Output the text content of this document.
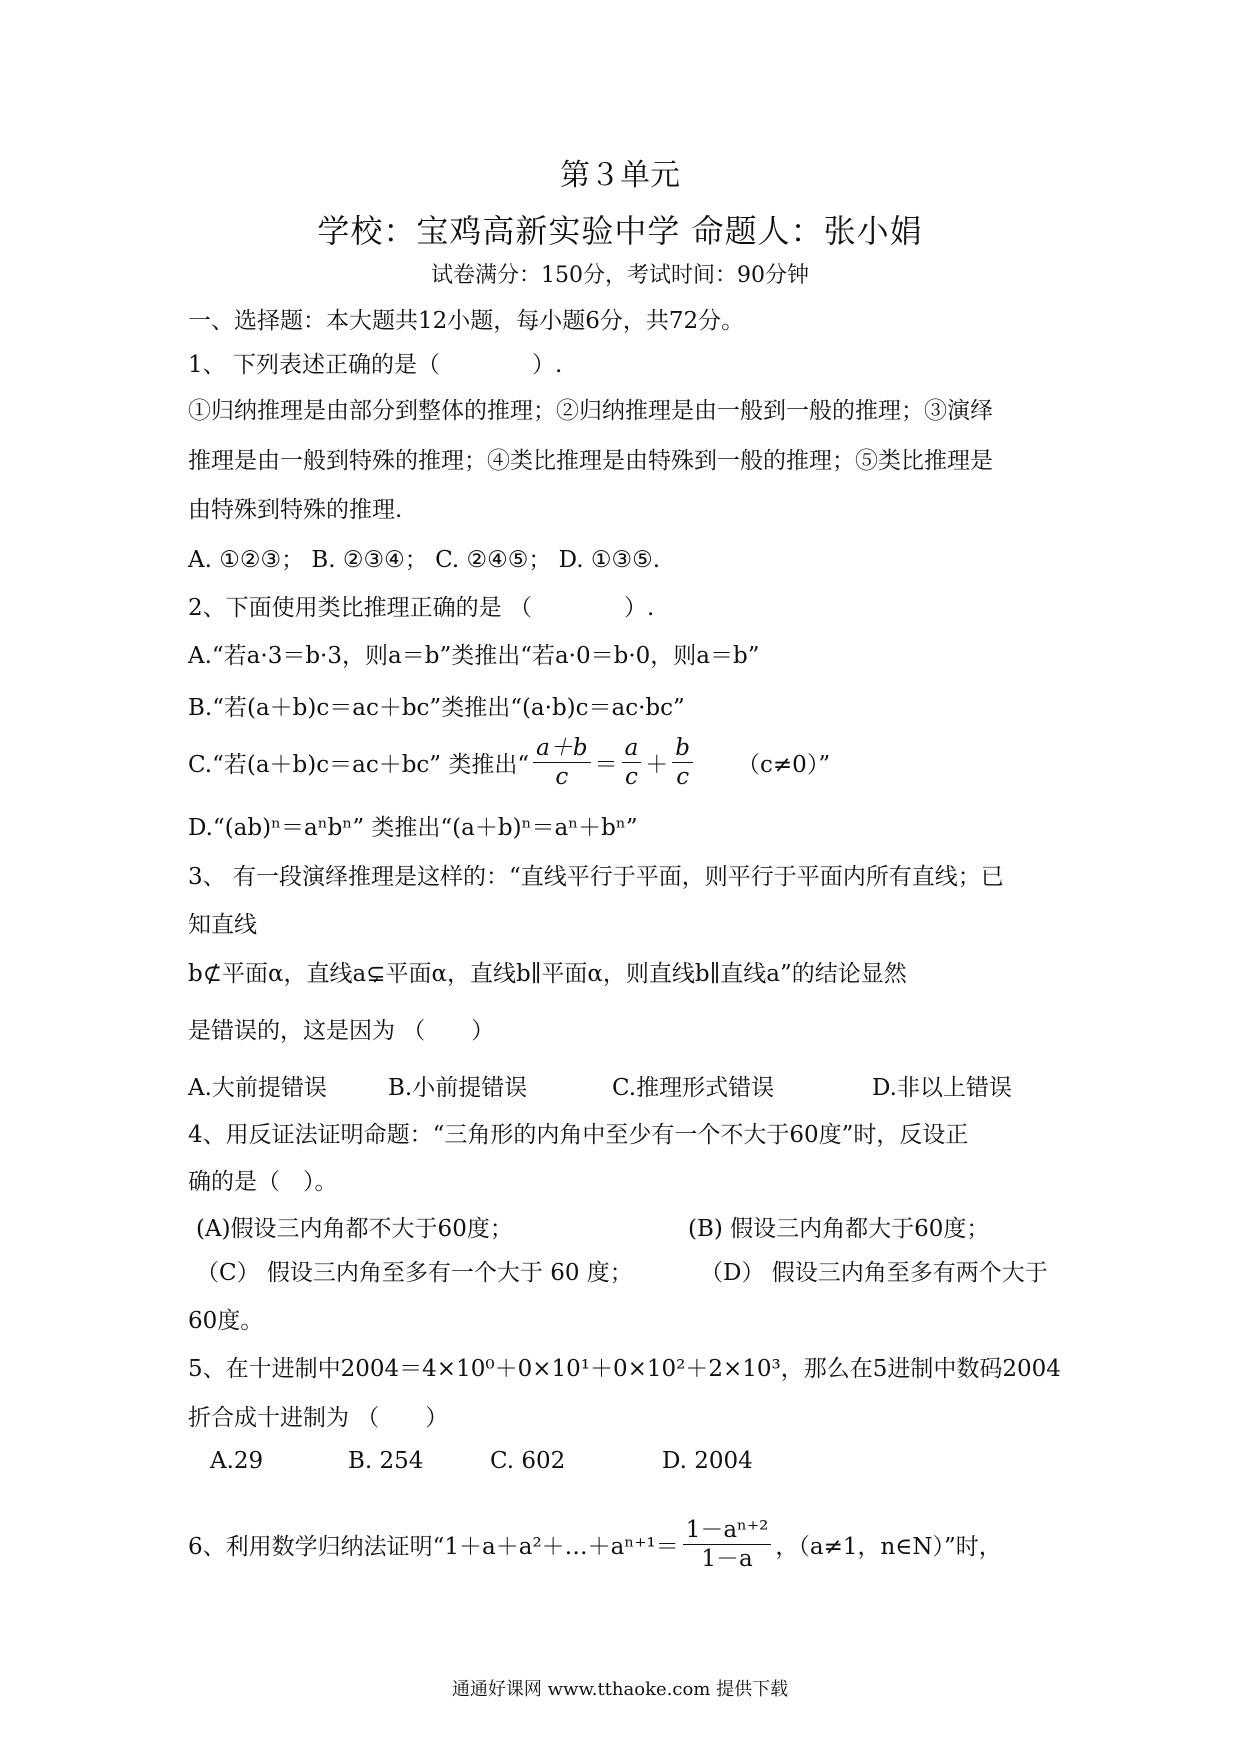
第３单元
学校：宝鸡高新实验中学 命题人：张小娟
试卷满分：150分，考试时间：90分钟
一、选择题：本大题共12小题，每小题6分，共72分。
1、 下列表述正确的是（　　　　）.
①归纳推理是由部分到整体的推理；②归纳推理是由一般到一般的推理；③演绎
推理是由一般到特殊的推理；④类比推理是由特殊到一般的推理；⑤类比推理是
由特殊到特殊的推理.
A. ①②③； B. ②③④； C. ②④⑤； D. ①③⑤.
2、下面使用类比推理正确的是 （　　　　）.
A.“若a·3＝b·3，则a＝b”类推出“若a·0＝b·0，则a＝b”
B.“若(a＋b)c＝ac＋bc”类推出“(a·b)c＝ac·bc”
C.“若(a＋b)c＝ac＋bc” 类推出“ $\frac{a+b}{c} = \frac{a}{c} + \frac{b}{c} (c\ne 0)$”
D.“(ab)ⁿ＝aⁿbⁿ” 类推出“(a＋b)ⁿ＝aⁿ＋bⁿ”
3、 有一段演绎推理是这样的：“直线平行于平面，则平行于平面内所有直线；已
知直线
b⊄平面α，直线a⊊平面α，直线b∥平面α，则直线b∥直线a”的结论显然
是错误的，这是因为 （　　）
A.大前提错误	B.小前提错误	C.推理形式错误	D.非以上错误
4、用反证法证明命题：“三角形的内角中至少有一个不大于60度”时，反设正
确的是（　）。
(A)假设三内角都不大于60度；	(B) 假设三内角都大于60度；
（C） 假设三内角至多有一个大于 60 度；	（D） 假设三内角至多有两个大于
60度。
5、在十进制中 2004＝4×10⁰＋0×10¹＋0×10²＋2×10³ ，那么在5进制中数码2004
折合成十进制为 （　　）
A.29	B. 254	C. 602	D. 2004
6、利用数学归纳法证明“1＋a＋a²＋…＋aⁿ⁺¹＝ $\frac{\text{1－aⁿ⁺²}}{1-a}$ ，（a≠1，n∈N）”时，
通通好课网 www.tthaoke.com 提供下载
